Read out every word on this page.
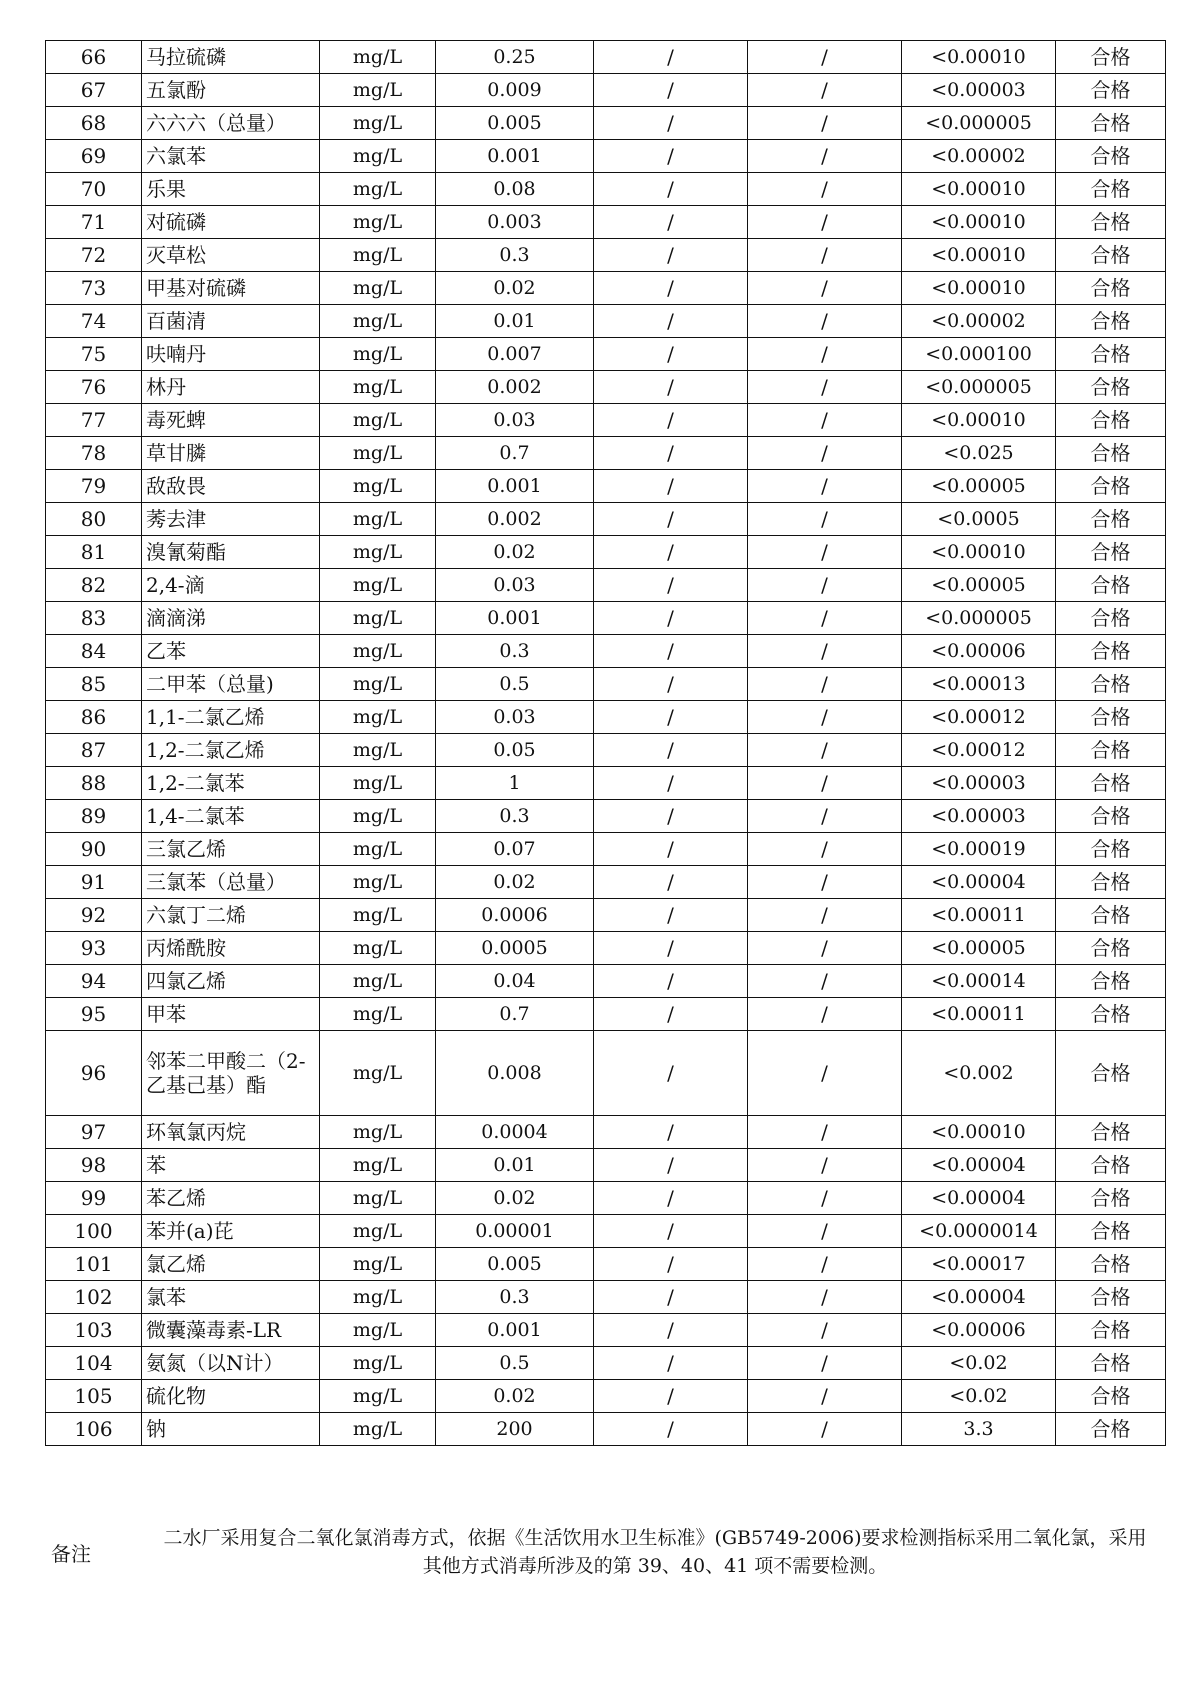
66	马拉硫磷	mg/L	0.25	/	/	<0.00010	合格
67	五氯酚	mg/L	0.009	/	/	<0.00003	合格
68	六六六（总量）	mg/L	0.005	/	/	<0.000005	合格
69	六氯苯	mg/L	0.001	/	/	<0.00002	合格
70	乐果	mg/L	0.08	/	/	<0.00010	合格
71	对硫磷	mg/L	0.003	/	/	<0.00010	合格
72	灭草松	mg/L	0.3	/	/	<0.00010	合格
73	甲基对硫磷	mg/L	0.02	/	/	<0.00010	合格
74	百菌清	mg/L	0.01	/	/	<0.00002	合格
75	呋喃丹	mg/L	0.007	/	/	<0.000100	合格
76	林丹	mg/L	0.002	/	/	<0.000005	合格
77	毒死蜱	mg/L	0.03	/	/	<0.00010	合格
78	草甘膦	mg/L	0.7	/	/	<0.025	合格
79	敌敌畏	mg/L	0.001	/	/	<0.00005	合格
80	莠去津	mg/L	0.002	/	/	<0.0005	合格
81	溴氰菊酯	mg/L	0.02	/	/	<0.00010	合格
82	2,4-滴	mg/L	0.03	/	/	<0.00005	合格
83	滴滴涕	mg/L	0.001	/	/	<0.000005	合格
84	乙苯	mg/L	0.3	/	/	<0.00006	合格
85	二甲苯（总量)	mg/L	0.5	/	/	<0.00013	合格
86	1,1-二氯乙烯	mg/L	0.03	/	/	<0.00012	合格
87	1,2-二氯乙烯	mg/L	0.05	/	/	<0.00012	合格
88	1,2-二氯苯	mg/L	1	/	/	<0.00003	合格
89	1,4-二氯苯	mg/L	0.3	/	/	<0.00003	合格
90	三氯乙烯	mg/L	0.07	/	/	<0.00019	合格
91	三氯苯（总量）	mg/L	0.02	/	/	<0.00004	合格
92	六氯丁二烯	mg/L	0.0006	/	/	<0.00011	合格
93	丙烯酰胺	mg/L	0.0005	/	/	<0.00005	合格
94	四氯乙烯	mg/L	0.04	/	/	<0.00014	合格
95	甲苯	mg/L	0.7	/	/	<0.00011	合格
96	邻苯二甲酸二（2-乙基己基）酯	mg/L	0.008	/	/	<0.002	合格
97	环氧氯丙烷	mg/L	0.0004	/	/	<0.00010	合格
98	苯	mg/L	0.01	/	/	<0.00004	合格
99	苯乙烯	mg/L	0.02	/	/	<0.00004	合格
100	苯并(a)芘	mg/L	0.00001	/	/	<0.0000014	合格
101	氯乙烯	mg/L	0.005	/	/	<0.00017	合格
102	氯苯	mg/L	0.3	/	/	<0.00004	合格
103	微囊藻毒素-LR	mg/L	0.001	/	/	<0.00006	合格
104	氨氮（以N计）	mg/L	0.5	/	/	<0.02	合格
105	硫化物	mg/L	0.02	/	/	<0.02	合格
106	钠	mg/L	200	/	/	3.3	合格
备注
二水厂采用复合二氧化氯消毒方式，依据《生活饮用水卫生标准》(GB5749-2006)要求检测指标采用二氧化氯，采用其他方式消毒所涉及的第 39、40、41 项不需要检测。
